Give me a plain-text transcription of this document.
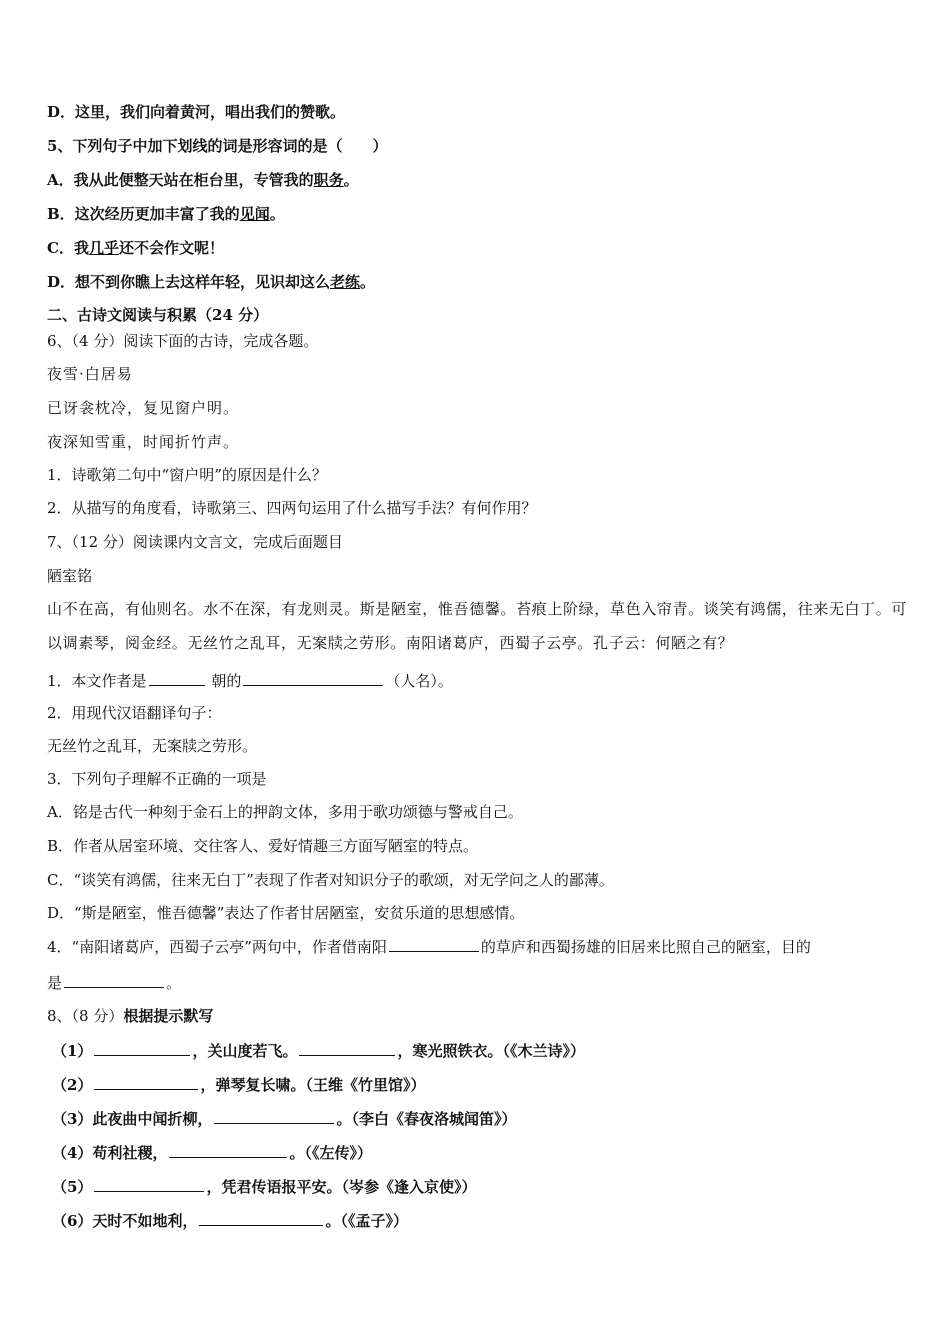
D．这里，我们向着黄河，唱出我们的赞歌。
5、下列句子中加下划线的词是形容词的是（　　）
A．我从此便整天站在柜台里，专管我的职务。
B．这次经历更加丰富了我的见闻。
C．我几乎还不会作文呢！
D．想不到你瞧上去这样年轻，见识却这么老练。
二、古诗文阅读与积累（24 分）
6、（4 分）阅读下面的古诗，完成各题。
夜雪·白居易
已讶衾枕冷，复见窗户明。
夜深知雪重，时闻折竹声。
1．诗歌第二句中“窗户明”的原因是什么？
2．从描写的角度看，诗歌第三、四两句运用了什么描写手法？有何作用？
7、（12 分）阅读课内文言文，完成后面题目
陋室铭
山不在高，有仙则名。水不在深，有龙则灵。斯是陋室，惟吾德馨。苔痕上阶绿，草色入帘青。谈笑有鸿儒，往来无白丁。可以调素琴，阅金经。无丝竹之乱耳，无案牍之劳形。南阳诸葛庐，西蜀子云亭。孔子云：何陋之有？
1．本文作者是	朝的	（人名）。
2．用现代汉语翻译句子：
无丝竹之乱耳，无案牍之劳形。
3．下列句子理解不正确的一项是
A．铭是古代一种刻于金石上的押韵文体，多用于歌功颂德与警戒自己。
B．作者从居室环境、交往客人、爱好情趣三方面写陋室的特点。
C．“谈笑有鸿儒，往来无白丁”表现了作者对知识分子的歌颂，对无学问之人的鄙薄。
D．“斯是陋室，惟吾德馨”表达了作者甘居陋室，安贫乐道的思想感情。
4．“南阳诸葛庐，西蜀子云亭”两句中，作者借南阳	的草庐和西蜀扬雄的旧居来比照自己的陋室，目的
是	。
8、（8 分）根据提示默写
（1）	，关山度若飞。	，寒光照铁衣。（《木兰诗》）
（2）	，弹琴复长啸。（王维《竹里馆》）
（3）此夜曲中闻折柳，	。（李白《春夜洛城闻笛》）
（4）苟利社稷，	。（《左传》）
（5）	，凭君传语报平安。（岑参《逢入京使》）
（6）天时不如地利，	。（《孟子》）
